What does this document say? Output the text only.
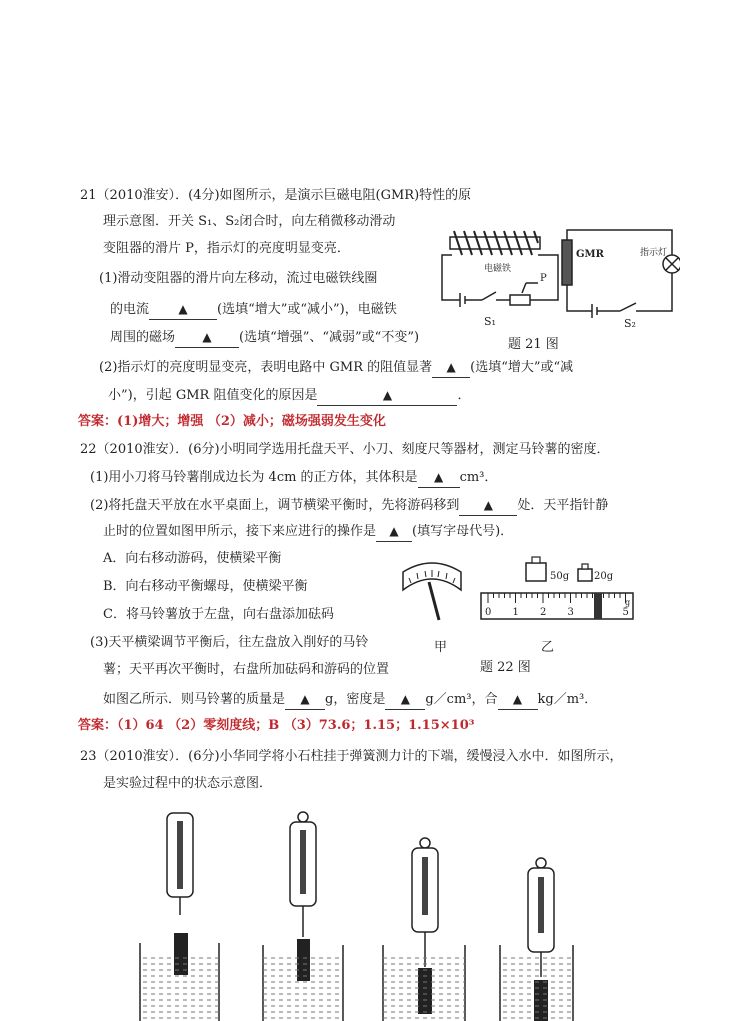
21（2010淮安）．(4分)如图所示，是演示巨磁电阻(GMR)特性的原
理示意图．开关 S₁、S₂闭合时，向左稍微移动滑动
变阻器的滑片 P，指示灯的亮度明显变亮．
(1)滑动变阻器的滑片向左移动，流过电磁铁线圈
的电流 ▲ (选填“增大”或“减小”)，电磁铁
周围的磁场 ▲ (选填“增强”、“减弱”或“不变”)
(2)指示灯的亮度明显变亮，表明电路中 GMR 的阻值显著 ▲ (选填“增大”或“减
小”)，引起 GMR 阻值变化的原因是	▲	．
答案：(1)增大；增强 （2）减小；磁场强弱发生变化
电磁铁
P
S₁
GMR	指示灯
S₂
题 21 图
22（2010淮安）．(6分)小明同学选用托盘天平、小刀、刻度尺等器材，测定马铃薯的密度．
(1)用小刀将马铃薯削成边长为 4cm 的正方体，其体积是 ▲ cm³．
(2)将托盘天平放在水平桌面上，调节横梁平衡时，先将游码移到 ▲ 处．天平指针静
止时的位置如图甲所示，接下来应进行的操作是 ▲ (填写字母代号)．
A．向右移动游码，使横梁平衡
B．向右移动平衡螺母，使横梁平衡
C．将马铃薯放于左盘，向右盘添加砝码
(3)天平横梁调节平衡后，往左盘放入削好的马铃
薯；天平再次平衡时，右盘所加砝码和游码的位置
如图乙所示．则马铃薯的质量是 ▲ g，密度是 ▲ g／cm³，合 ▲ kg／m³．
答案：（1）64 （2）零刻度线；B （3）73.6；1.15；1.15×10³
甲
50g 20g
0 1 2 3	5
g
乙
题 22 图
23（2010淮安）．(6分)小华同学将小石柱挂于弹簧测力计的下端，缓慢浸入水中．如图所示，
是实验过程中的状态示意图．
